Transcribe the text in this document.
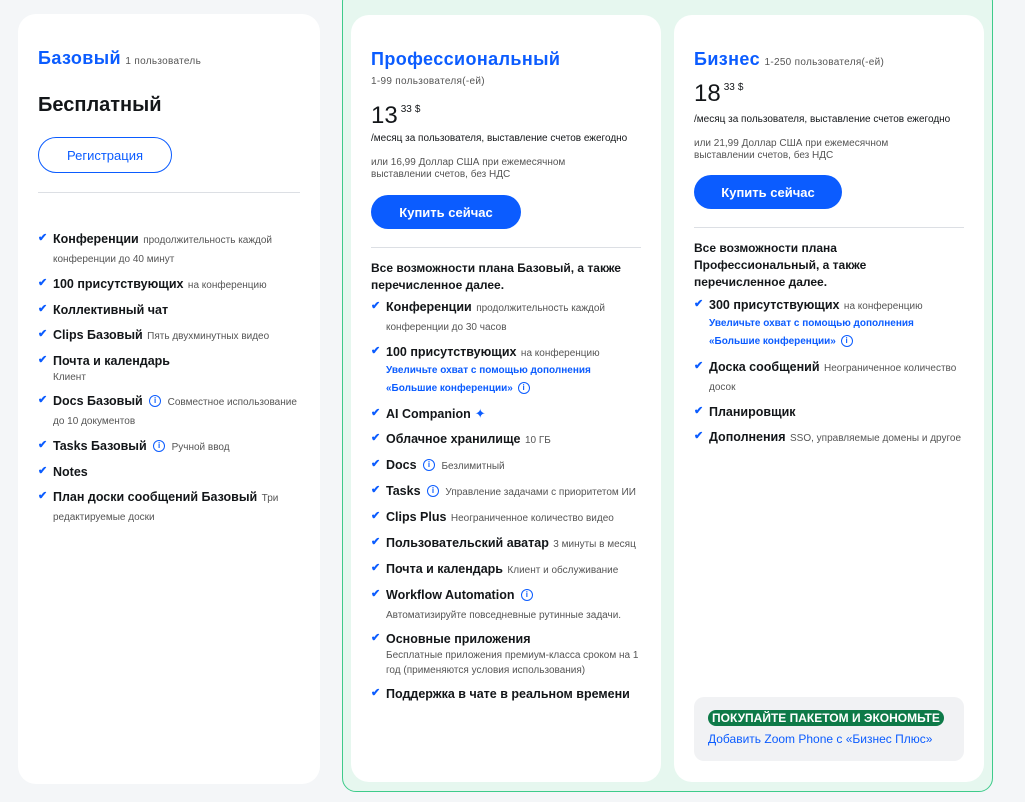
Базовый 1 пользователь
Бесплатный
Регистрация
✔ Конференции продолжительность каждой конференции до 40 минут
✔ 100 присутствующих на конференцию
✔ Коллективный чат
✔ Clips Базовый Пять двухминутных видео
✔ Почта и календарь
Клиент
✔ Docs Базовый i Совместное использование до 10 документов
✔ Tasks Базовый i Ручной ввод
✔ Notes
✔ План доски сообщений Базовый Три редактируемые доски
Профессиональный
1-99 пользователя(-ей)
13 33 $
/месяц за пользователя, выставление счетов ежегодно
или 16,99 Доллар США при ежемесячном выставлении счетов, без НДС
Купить сейчас
Все возможности плана Базовый, а также перечисленное далее.
✔ Конференции продолжительность каждой конференции до 30 часов
✔ 100 присутствующих на конференцию
Увеличьте охват с помощью дополнения «Большие конференции» i
✔ AI Companion ✦
✔ Облачное хранилище 10 ГБ
✔ Docs i Безлимитный
✔ Tasks i Управление задачами с приоритетом ИИ
✔ Clips Plus Неограниченное количество видео
✔ Пользовательский аватар 3 минуты в месяц
✔ Почта и календарь Клиент и обслуживание
✔ Workflow Automation i
Автоматизируйте повседневные рутинные задачи.
✔ Основные приложения
Бесплатные приложения премиум-класса сроком на 1 год (применяются условия использования)
✔ Поддержка в чате в реальном времени
Бизнес 1-250 пользователя(-ей)
18 33 $
/месяц за пользователя, выставление счетов ежегодно
или 21,99 Доллар США при ежемесячном выставлении счетов, без НДС
Купить сейчас
Все возможности плана Профессиональный, а также перечисленное далее.
✔ 300 присутствующих на конференцию
Увеличьте охват с помощью дополнения «Большие конференции» i
✔ Доска сообщений Неограниченное количество досок
✔ Планировщик
✔ Дополнения SSO, управляемые домены и другое
ПОКУПАЙТЕ ПАКЕТОМ И ЭКОНОМЬТЕ
Добавить Zoom Phone с «Бизнес Плюс»
